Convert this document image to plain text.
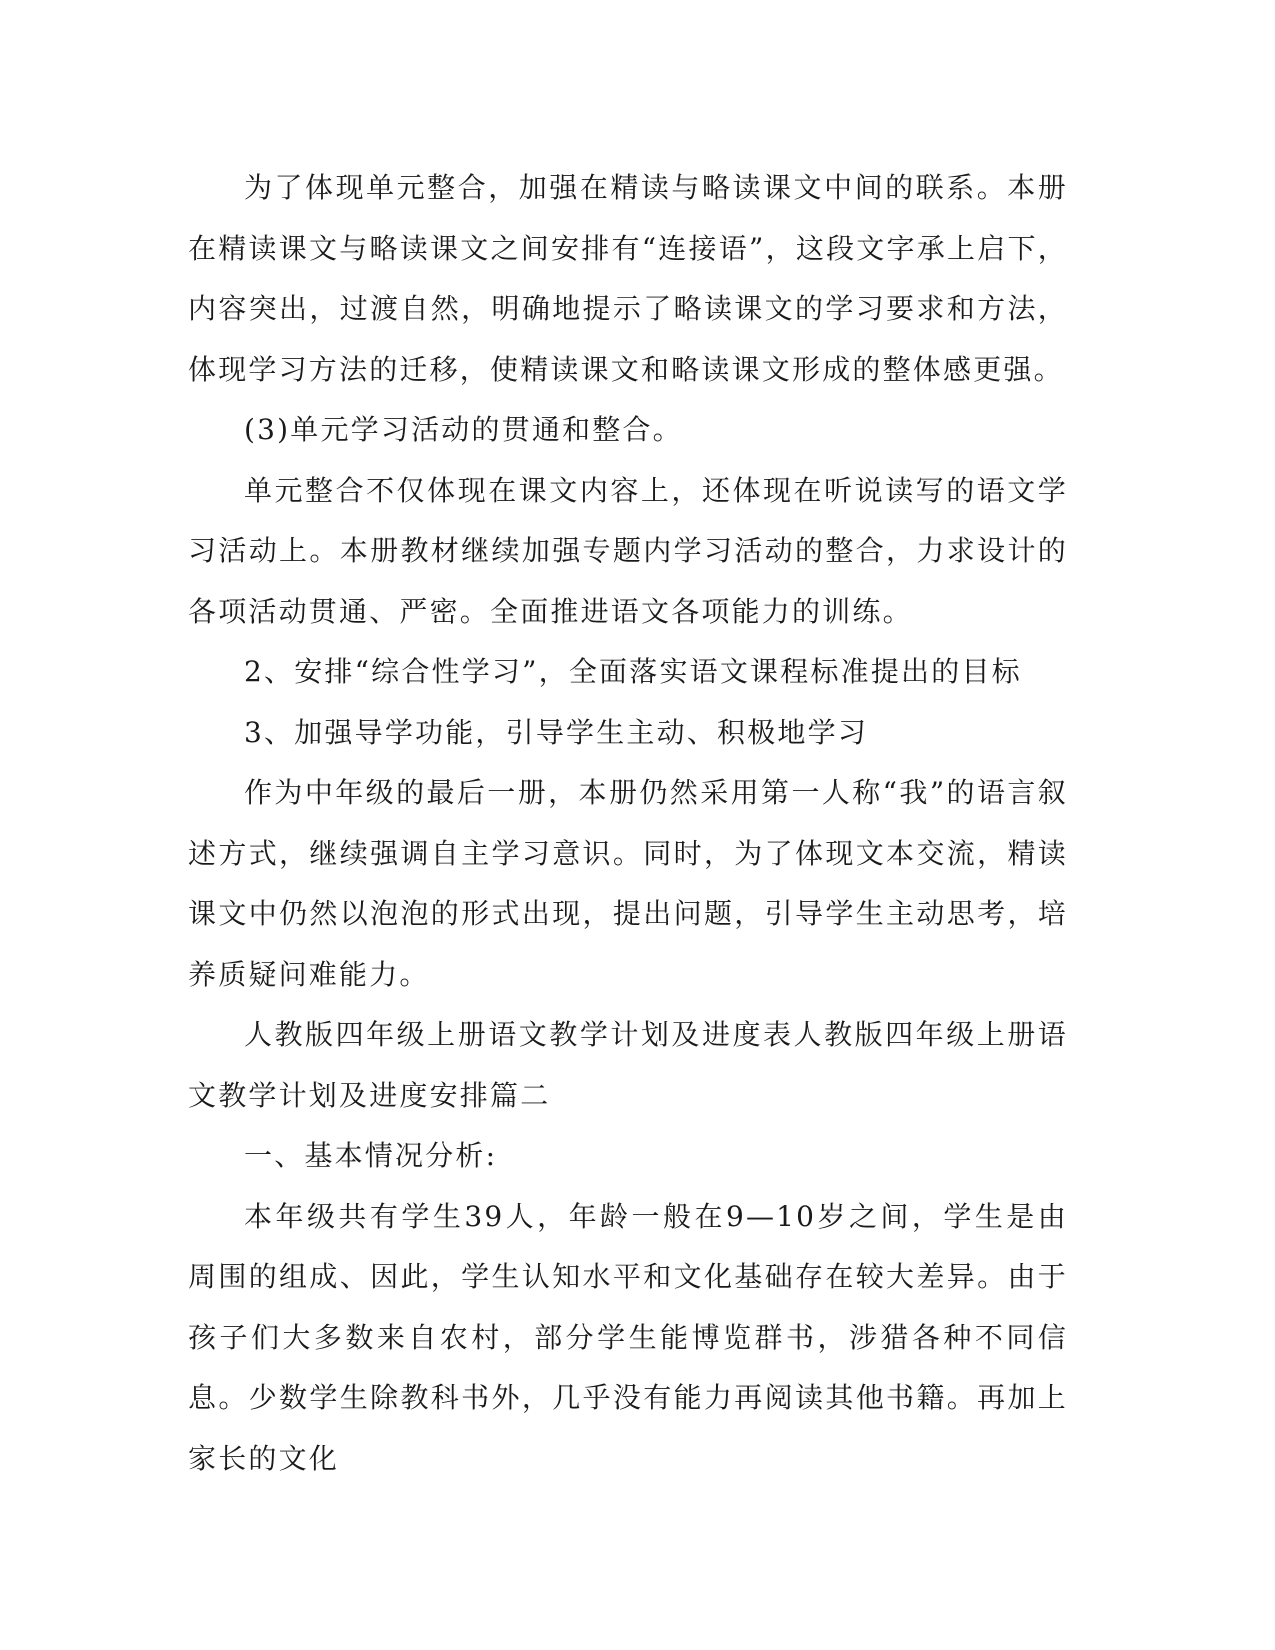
为了体现单元整合，加强在精读与略读课文中间的联系。本册在精读课文与略读课文之间安排有“连接语”，这段文字承上启下，内容突出，过渡自然，明确地提示了略读课文的学习要求和方法，体现学习方法的迁移，使精读课文和略读课文形成的整体感更强。

(3)单元学习活动的贯通和整合。

单元整合不仅体现在课文内容上，还体现在听说读写的语文学习活动上。本册教材继续加强专题内学习活动的整合，力求设计的各项活动贯通、严密。全面推进语文各项能力的训练。

2、安排“综合性学习”，全面落实语文课程标准提出的目标

3、加强导学功能，引导学生主动、积极地学习

作为中年级的最后一册，本册仍然采用第一人称“我”的语言叙述方式，继续强调自主学习意识。同时，为了体现文本交流，精读课文中仍然以泡泡的形式出现，提出问题，引导学生主动思考，培养质疑问难能力。

人教版四年级上册语文教学计划及进度表人教版四年级上册语文教学计划及进度安排篇二

一、基本情况分析:

本年级共有学生39人，年龄一般在9—10岁之间，学生是由周围的组成、因此，学生认知水平和文化基础存在较大差异。由于孩子们大多数来自农村，部分学生能博览群书，涉猎各种不同信息。少数学生除教科书外，几乎没有能力再阅读其他书籍。再加上家长的文化
